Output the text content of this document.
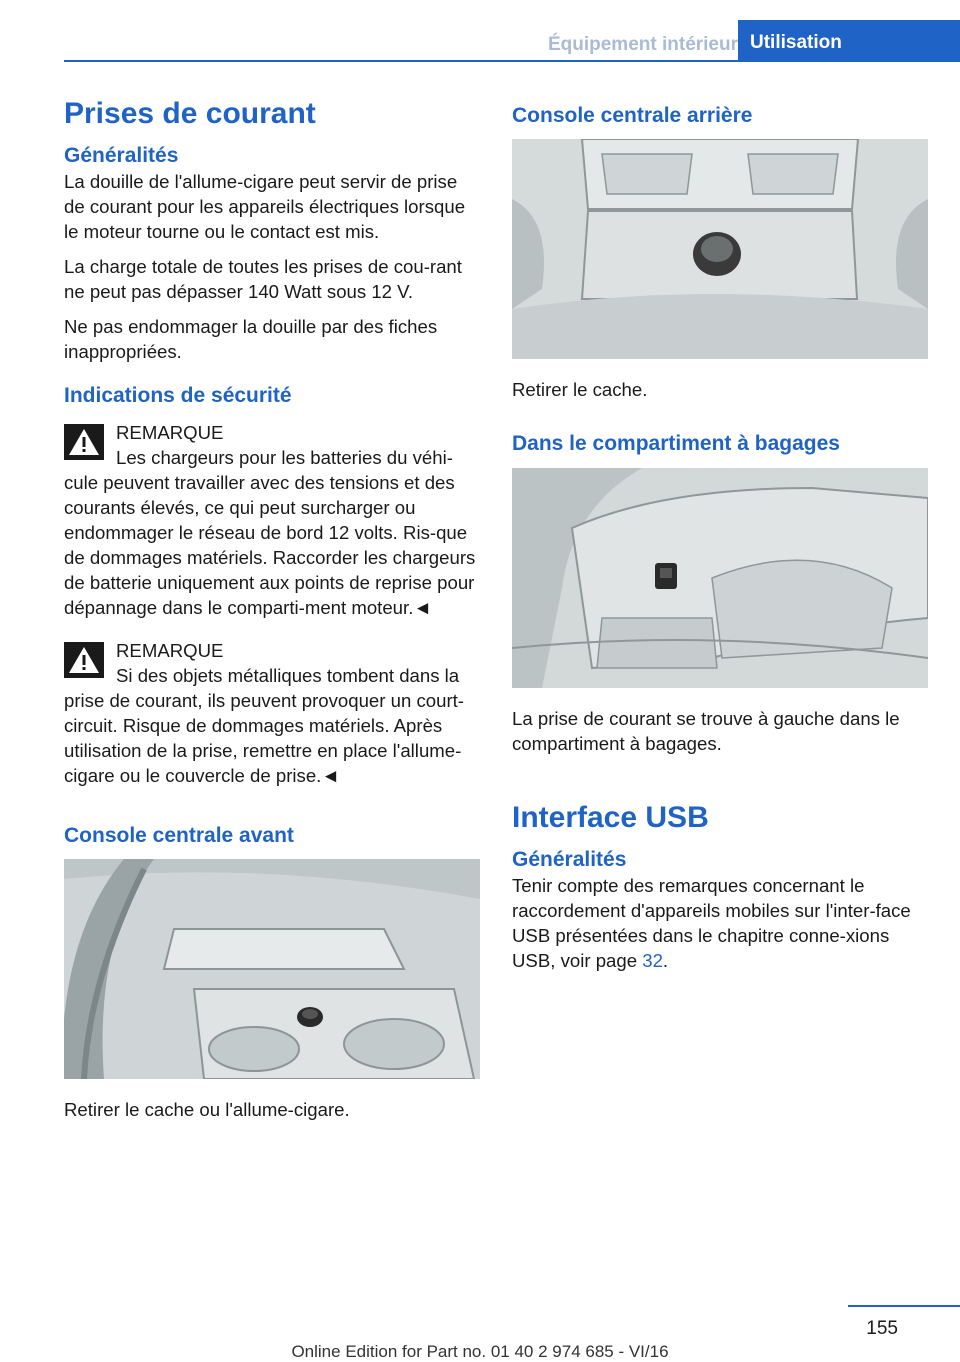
Équipement intérieur Utilisation
Prises de courant
Généralités

La douille de l'allume-cigare peut servir de prise de courant pour les appareils électriques lorsque le moteur tourne ou le contact est mis.

La charge totale de toutes les prises de cou-rant ne peut pas dépasser 140 Watt sous 12 V.

Ne pas endommager la douille par des fiches inappropriées.

Indications de sécurité
REMARQUE

Les chargeurs pour les batteries du véhi-cule peuvent travailler avec des tensions et des courants élevés, ce qui peut surcharger ou endommager le réseau de bord 12 volts. Ris-que de dommages matériels. Raccorder les chargeurs de batterie uniquement aux points de reprise pour dépannage dans le comparti-ment moteur.◄

REMARQUE

Si des objets métalliques tombent dans la prise de courant, ils peuvent provoquer un court-circuit. Risque de dommages matériels. Après utilisation de la prise, remettre en place l'allume-cigare ou le couvercle de prise.◄

Console centrale avant

Retirer le cache ou l'allume-cigare.

Console centrale arrière

Retirer le cache.

Dans le compartiment à bagages

La prise de courant se trouve à gauche dans le compartiment à bagages.

Interface USB
Généralités

Tenir compte des remarques concernant le raccordement d'appareils mobiles sur l'inter-face USB présentées dans le chapitre conne-xions USB, voir page 32.

155
Online Edition for Part no. 01 40 2 974 685 - VI/16
